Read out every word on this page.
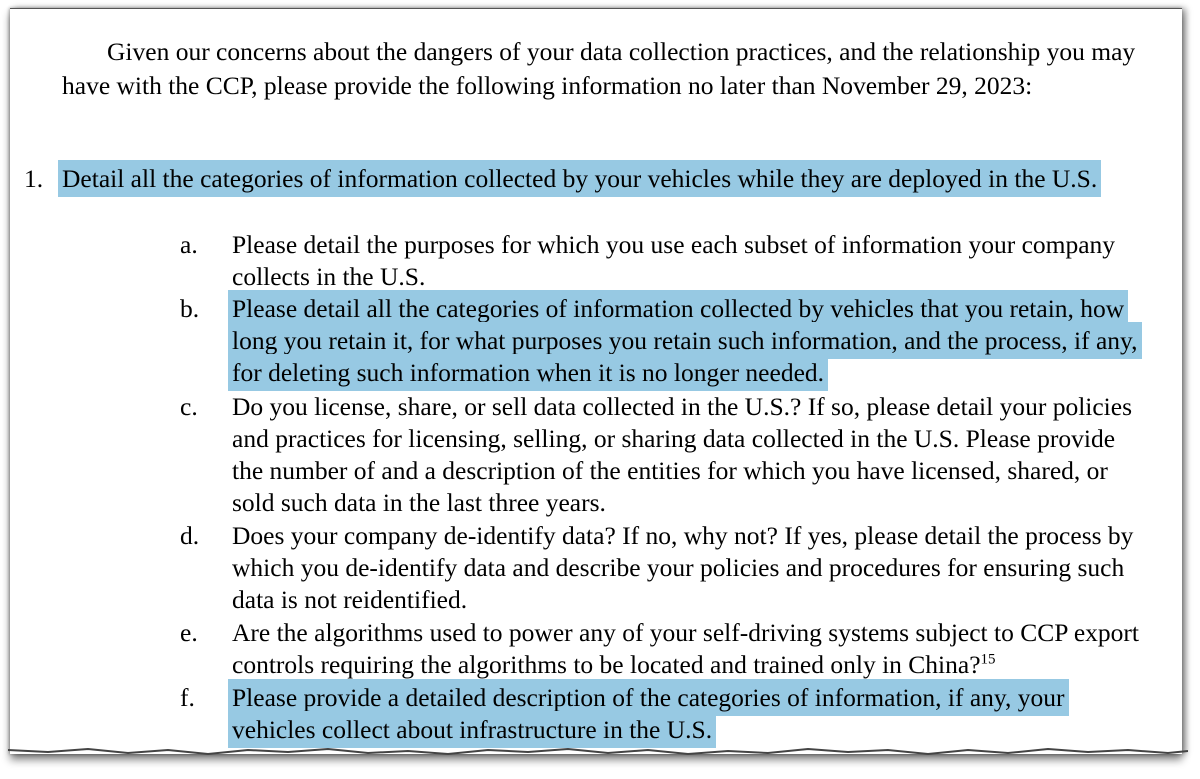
Given our concerns about the dangers of your data collection practices, and the relationship you may have with the CCP, please provide the following information no later than November 29, 2023:

1. Detail all the categories of information collected by your vehicles while they are deployed in the U.S.

a.	Please detail the purposes for which you use each subset of information your company collects in the U.S.

b.	Please detail all the categories of information collected by vehicles that you retain, how long you retain it, for what purposes you retain such information, and the process, if any, for deleting such information when it is no longer needed.

c.	Do you license, share, or sell data collected in the U.S.? If so, please detail your policies and practices for licensing, selling, or sharing data collected in the U.S. Please provide the number of and a description of the entities for which you have licensed, shared, or sold such data in the last three years.

d.	Does your company de-identify data? If no, why not? If yes, please detail the process by which you de-identify data and describe your policies and procedures for ensuring such data is not reidentified.

e.	Are the algorithms used to power any of your self-driving systems subject to CCP export controls requiring the algorithms to be located and trained only in China?$^{15}$

f.	Please provide a detailed description of the categories of information, if any, your vehicles collect about infrastructure in the U.S.
